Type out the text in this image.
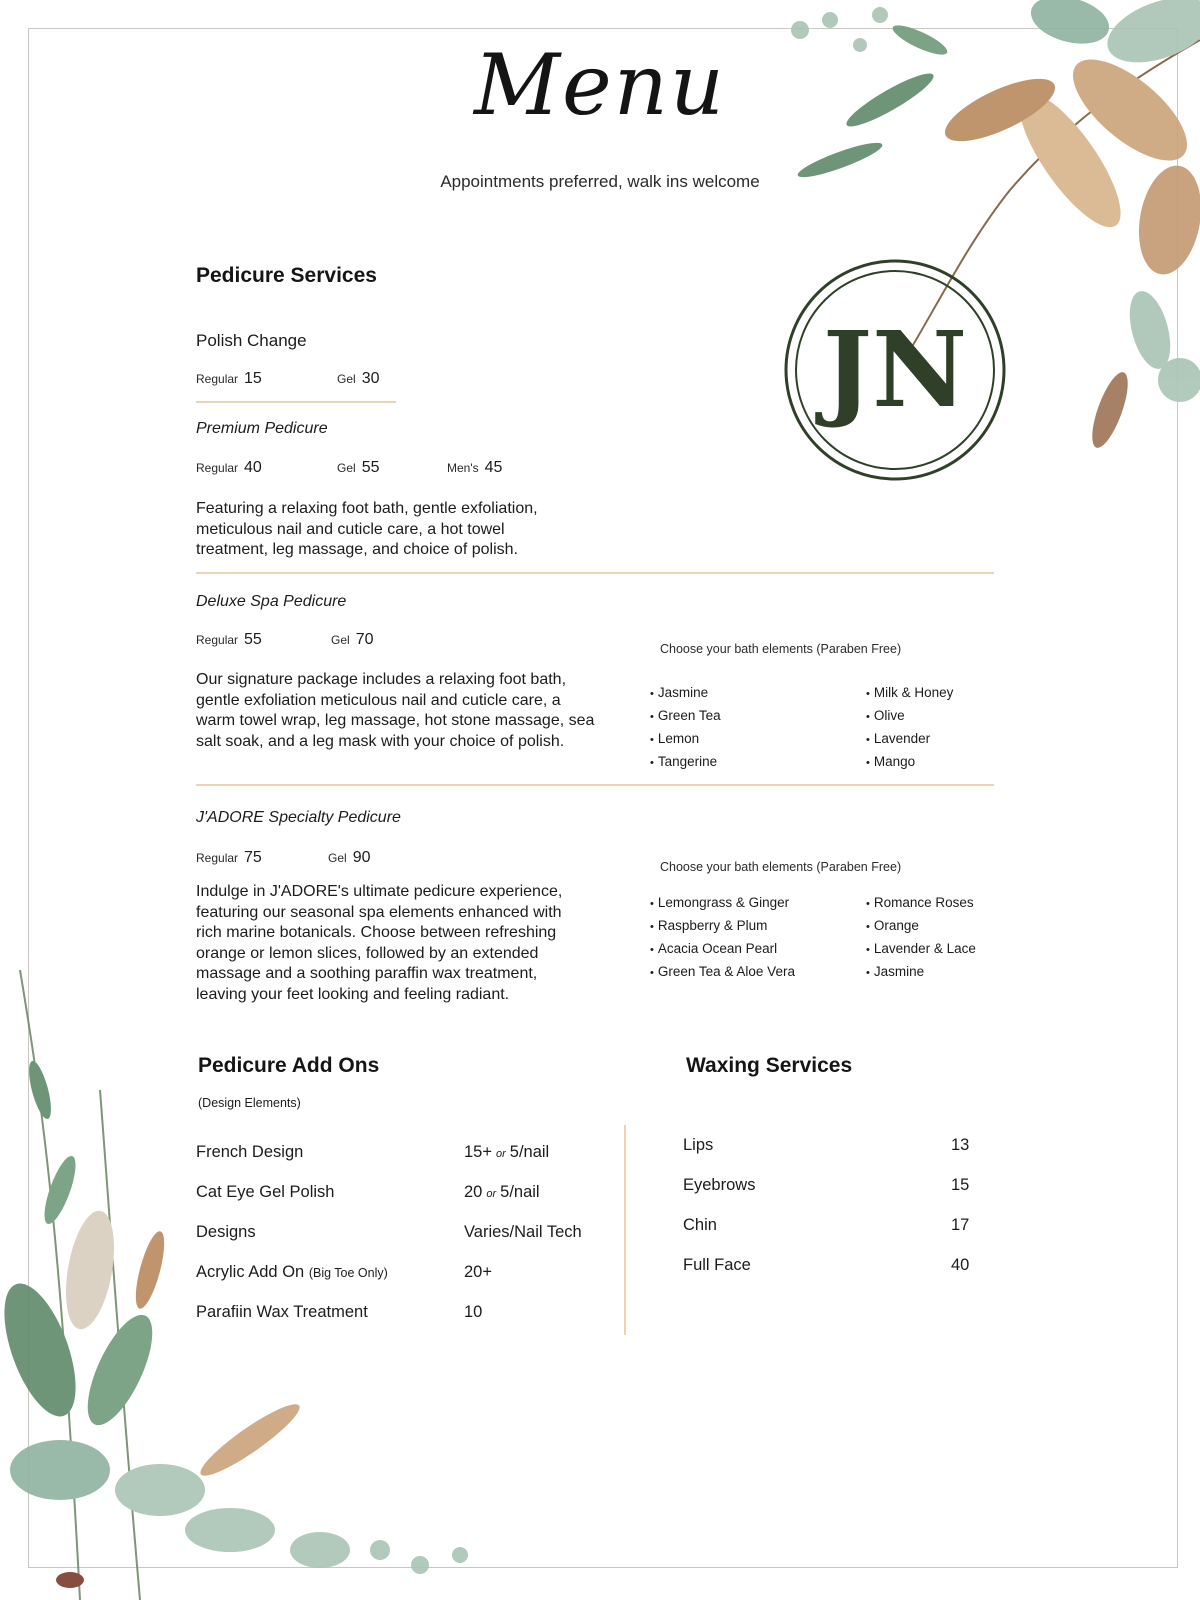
Menu
Appointments preferred, walk ins welcome
JN
Pedicure Services
Polish Change
Regular 15	Gel 30
Premium Pedicure
Regular 40	Gel 55	Men's 45
Featuring a relaxing foot bath, gentle exfoliation, meticulous nail and cuticle care, a hot towel treatment, leg massage, and choice of polish.
Deluxe Spa Pedicure
Regular 55	Gel 70
Our signature package includes a relaxing foot bath, gentle exfoliation meticulous nail and cuticle care, a warm towel wrap, leg massage, hot stone massage, sea salt soak, and a leg mask with your choice of polish.
Choose your bath elements (Paraben Free)
• Jasmine
• Green Tea
• Lemon
• Tangerine
• Milk & Honey
• Olive
• Lavender
• Mango
J'ADORE Specialty Pedicure
Regular 75	Gel 90
Indulge in J'ADORE's ultimate pedicure experience, featuring our seasonal spa elements enhanced with rich marine botanicals. Choose between refreshing orange or lemon slices, followed by an extended massage and a soothing paraffin wax treatment, leaving your feet looking and feeling radiant.
Choose your bath elements (Paraben Free)
• Lemongrass & Ginger
• Raspberry & Plum
• Acacia Ocean Pearl
• Green Tea & Aloe Vera
• Romance Roses
• Orange
• Lavender & Lace
• Jasmine
Pedicure Add Ons
(Design Elements)
French Design	15+ or 5/nail
Cat Eye Gel Polish	20 or 5/nail
Designs	Varies/Nail Tech
Acrylic Add On (Big Toe Only)	20+
Parafiin Wax Treatment	10
Waxing Services
Lips	13
Eyebrows	15
Chin	17
Full Face	40
